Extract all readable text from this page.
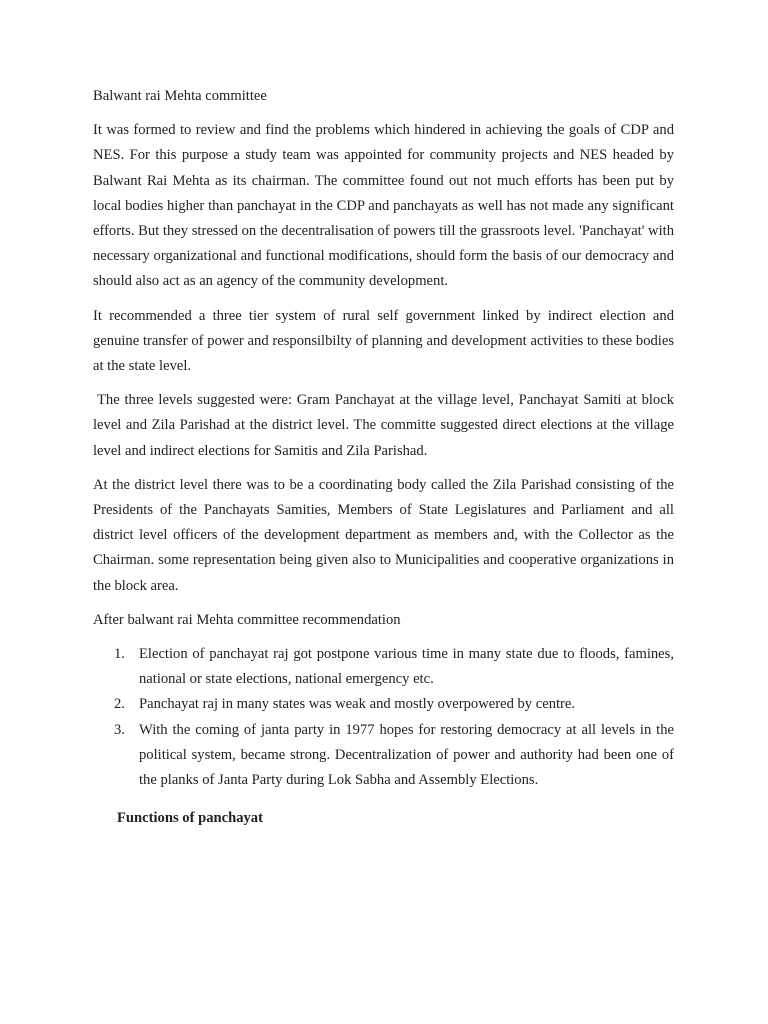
Balwant rai Mehta committee

It was formed to review and find the problems which hindered in achieving the goals of CDP and NES. For this purpose a study team was appointed for community projects and NES headed by Balwant Rai Mehta as its chairman. The committee found out not much efforts has been put by local bodies higher than panchayat in the CDP and panchayats as well has not made any significant efforts. But they stressed on the decentralisation of powers till the grassroots level. 'Panchayat' with necessary organizational and functional modifications, should form the basis of our democracy and should also act as an agency of the community development.

It recommended a three tier system of rural self government linked by indirect election and genuine transfer of power and responsilbilty of planning and development activities to these bodies at the state level.

The three levels suggested were: Gram Panchayat at the village level, Panchayat Samiti at block level and Zila Parishad at the district level. The committe suggested direct elections at the village level and indirect elections for Samitis and Zila Parishad.

At the district level there was to be a coordinating body called the Zila Parishad consisting of the Presidents of the Panchayats Samities, Members of State Legislatures and Parliament and all district level officers of the development department as members and, with the Collector as the Chairman. some representation being given also to Municipalities and cooperative organizations in the block area.

After balwant rai Mehta committee recommendation

1. Election of panchayat raj got postpone various time in many state due to floods, famines, national or state elections, national emergency etc.
2. Panchayat raj in many states was weak and mostly overpowered by centre.
3. With the coming of janta party in 1977 hopes for restoring democracy at all levels in the political system, became strong. Decentralization of power and authority had been one of the planks of Janta Party during Lok Sabha and Assembly Elections.

Functions of panchayat
